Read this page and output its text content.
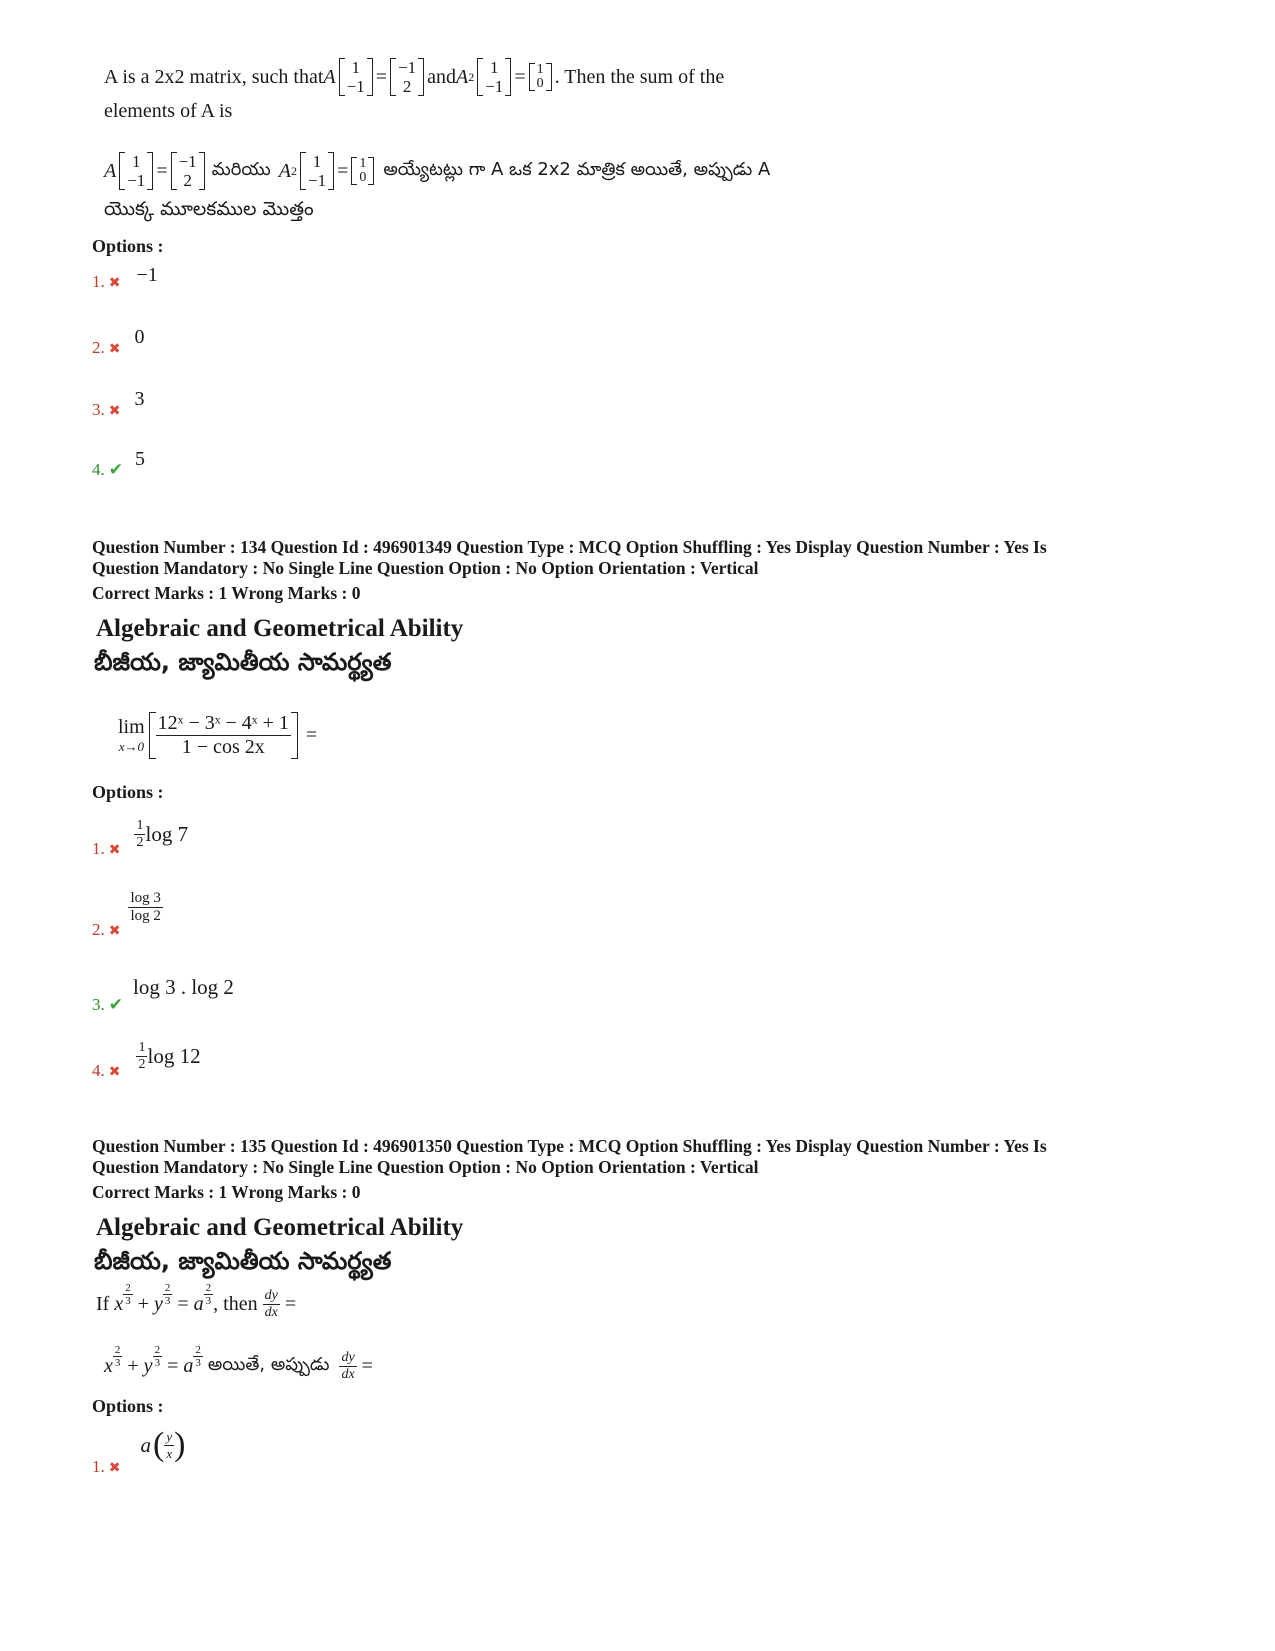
A is a 2x2 matrix, such that A 1
−1 = −1
2 and A 2 1
−1 = 1
0 . Then the sum of the
elements of A is
A 1
−1 = −1
2
మరియు A 2 1
−1 = 1
0 అయ్యేటట్లు గా A ఒక 2x2 మాత్రిక అయితే, అప్పుడు A
యొక్క మూలకముల మొత్తం
Options :
1. ✖ −1
2. ✖ 0
3. ✖ 3
4. ✔ 5
Question Number : 134 Question Id : 496901349 Question Type : MCQ Option Shuffling : Yes Display Question Number : Yes Is
Question Mandatory : No Single Line Question Option : No Option Orientation : Vertical
Correct Marks : 1 Wrong Marks : 0
Algebraic and Geometrical Ability
బీజీయ, జ్యామితీయ సామర్థ్యత
lim
$x\to 0 \frac{\text{12ˣ − 3ˣ − 4ˣ + 1}}{1 - \cos 2x}$ =
Options :
1. ✖ $\frac{1}{2}$ log 7
2. ✖
$\frac{\log 3}{\log 2}$
3. ✔ log 3 . log 2
4. ✖ $\frac{1}{2}$ log 12
Question Number : 135 Question Id : 496901350 Question Type : MCQ Option Shuffling : Yes Display Question Number : Yes Is
Question Mandatory : No Single Line Question Option : No Option Orientation : Vertical
Correct Marks : 1 Wrong Marks : 0
Algebraic and Geometrical Ability
బీజీయ, జ్యామితీయ సామర్థ్యత
If
x $\frac{2}{3}$
+
y $\frac{2}{3}$
=
a $\frac{2}{3}$ , then
$\frac{dy}{dx}$
=
x $\frac{2}{3}$
+
y $\frac{2}{3}$
=
a $\frac{2}{3}$
అయితే, అప్పుడు
$\frac{dy}{dx}$
=
Options :
1. ✖
a ( $\frac{y}{x}$ )
